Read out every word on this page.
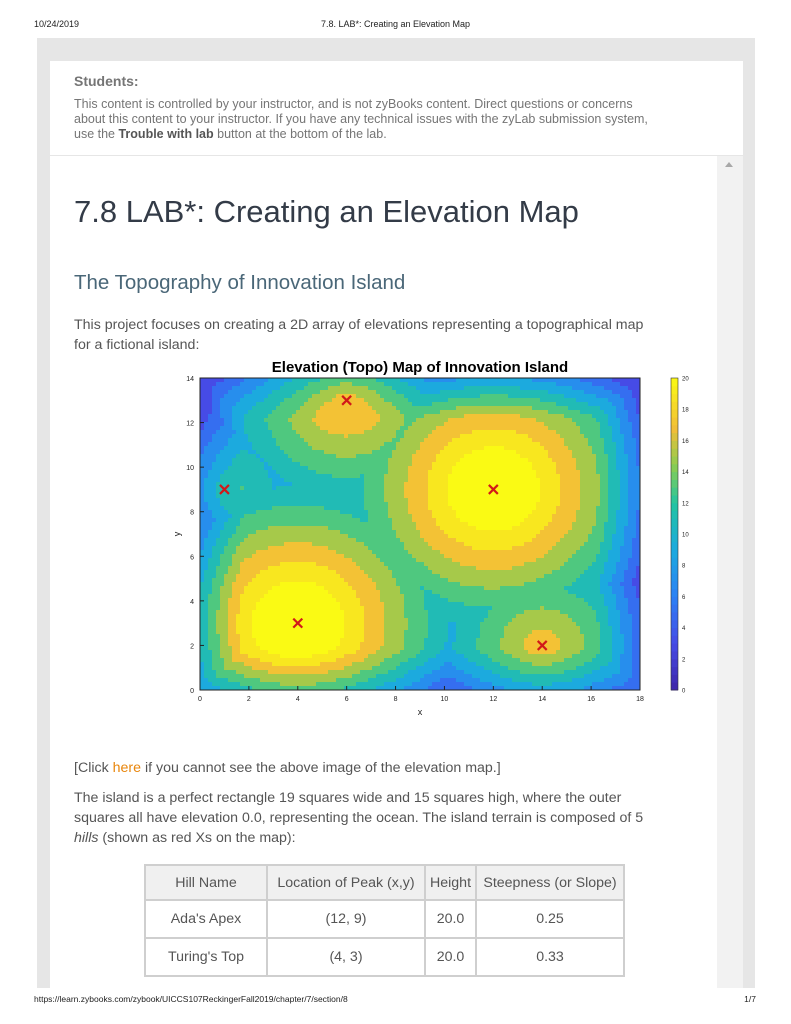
10/24/2019	7.8. LAB*: Creating an Elevation Map
Students:
This content is controlled by your instructor, and is not zyBooks content. Direct questions or concerns
about this content to your instructor. If you have any technical issues with the zyLab submission system,
use the Trouble with lab button at the bottom of the lab.
7.8 LAB*: Creating an Elevation Map
The Topography of Innovation Island
This project focuses on creating a 2D array of elevations representing a topographical map
for a fictional island:
Elevation (Topo) Map of Innovation Island
0	2	4	6	8	10	12	14	16	18
0
2
4
6
8
10
12
14
x
y
0
2
4
6
8
10
12
14
16
18
20
[Click here if you cannot see the above image of the elevation map.]
The island is a perfect rectangle 19 squares wide and 15 squares high, where the outer
squares all have elevation 0.0, representing the ocean. The island terrain is composed of 5
hills (shown as red Xs on the map):
Hill Name	Location of Peak (x,y)	Height	Steepness (or Slope)
Ada's Apex	(12, 9)	20.0	0.25
Turing's Top	(4, 3)	20.0	0.33
https://learn.zybooks.com/zybook/UICCS107ReckingerFall2019/chapter/7/section/8	1/7
